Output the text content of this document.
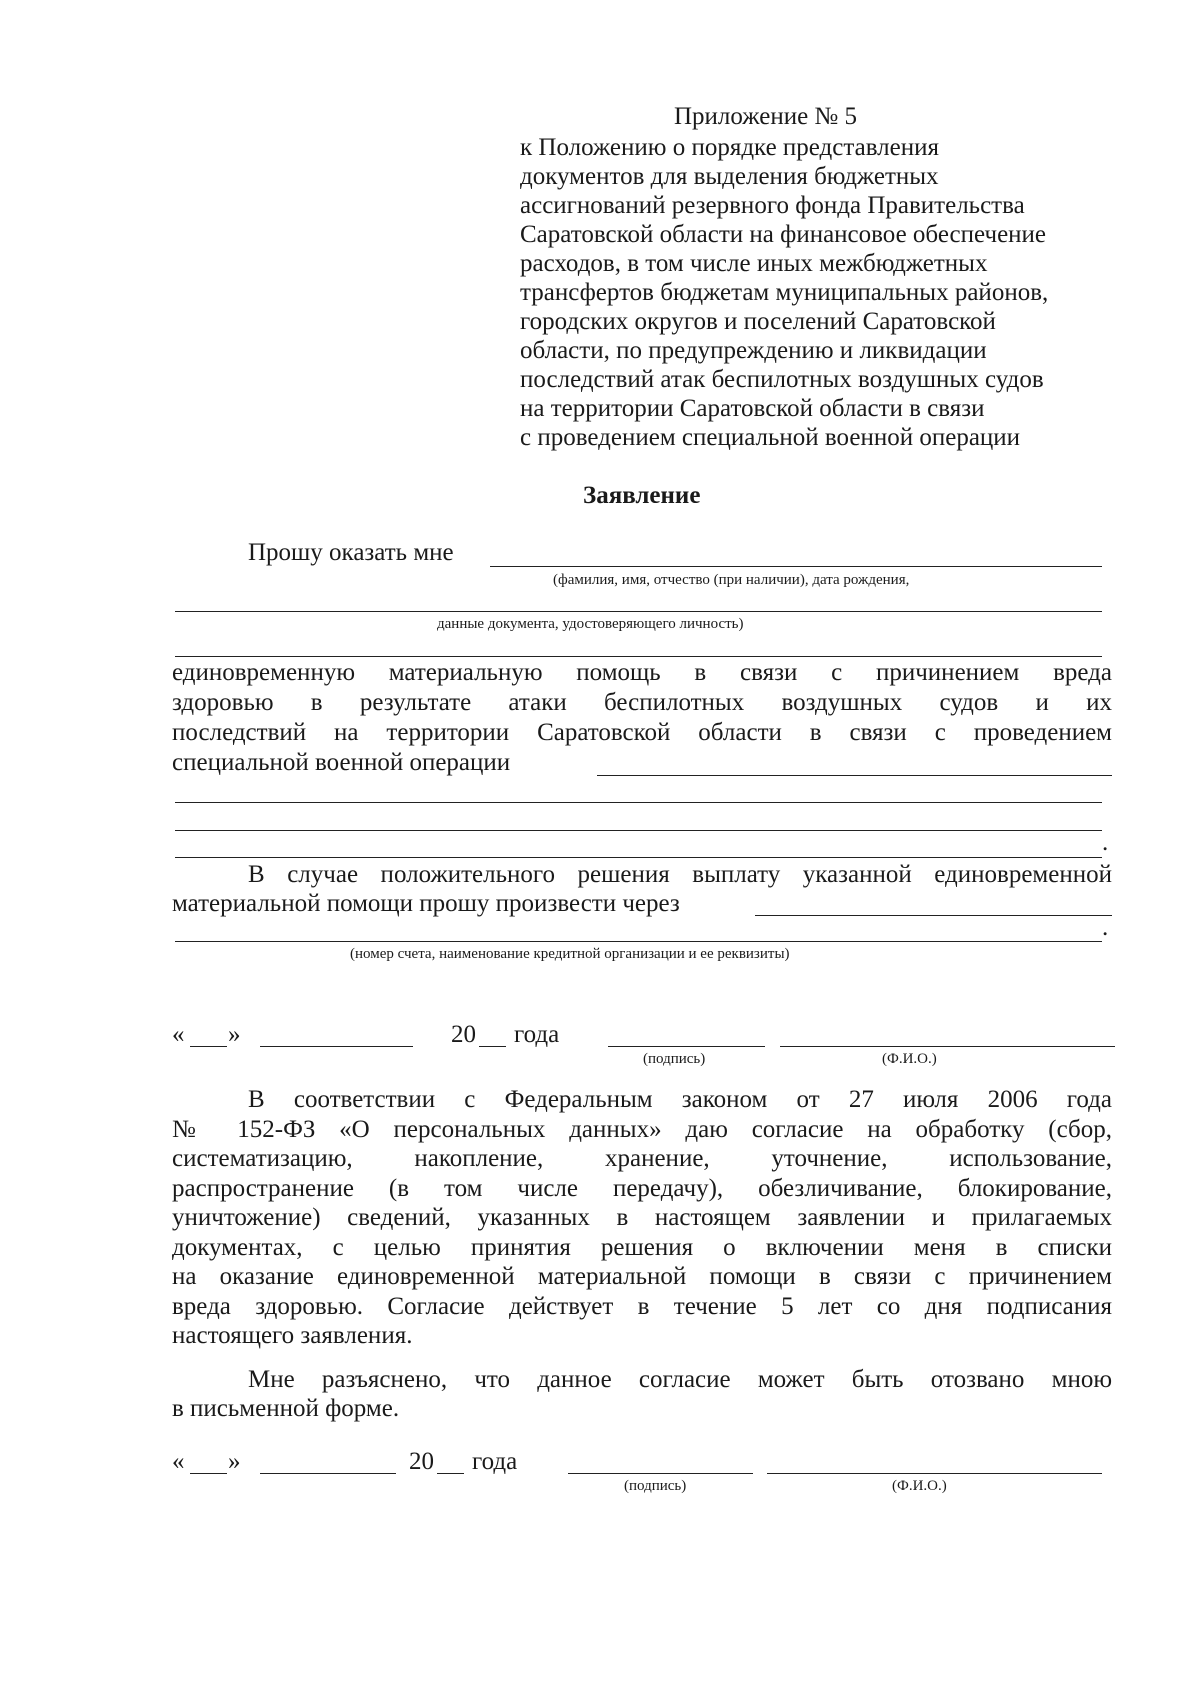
Приложение № 5
к Положению о порядке представления
документов для выделения бюджетных
ассигнований резервного фонда Правительства
Саратовской области на финансовое обеспечение
расходов, в том числе иных межбюджетных
трансфертов бюджетам муниципальных районов,
городских округов и поселений Саратовской
области, по предупреждению и ликвидации
последствий атак беспилотных воздушных судов
на территории Саратовской области в связи
с проведением специальной военной операции
Заявление
Прошу оказать мне
(фамилия, имя, отчество (при наличии), дата рождения,
данные документа, удостоверяющего личность)
единовременную материальную помощь в связи с причинением вреда
здоровью в результате атаки беспилотных воздушных судов и их
последствий на территории Саратовской области в связи с проведением
специальной военной операции
.
В случае положительного решения выплату указанной единовременной
материальной помощи прошу произвести через
.
(номер счета, наименование кредитной организации и ее реквизиты)
« »	20 года
(подпись)	(Ф.И.О.)
В соответствии с Федеральным законом от 27 июля 2006 года
№ 152-ФЗ «О персональных данных» даю согласие на обработку (сбор,
систематизацию, накопление, хранение, уточнение, использование,
распространение (в том числе передачу), обезличивание, блокирование,
уничтожение) сведений, указанных в настоящем заявлении и прилагаемых
документах, с целью принятия решения о включении меня в списки
на оказание единовременной материальной помощи в связи с причинением
вреда здоровью. Согласие действует в течение 5 лет со дня подписания
настоящего заявления.
Мне разъяснено, что данное согласие может быть отозвано мною
в письменной форме.
« »	20 года
(подпись)	(Ф.И.О.)
